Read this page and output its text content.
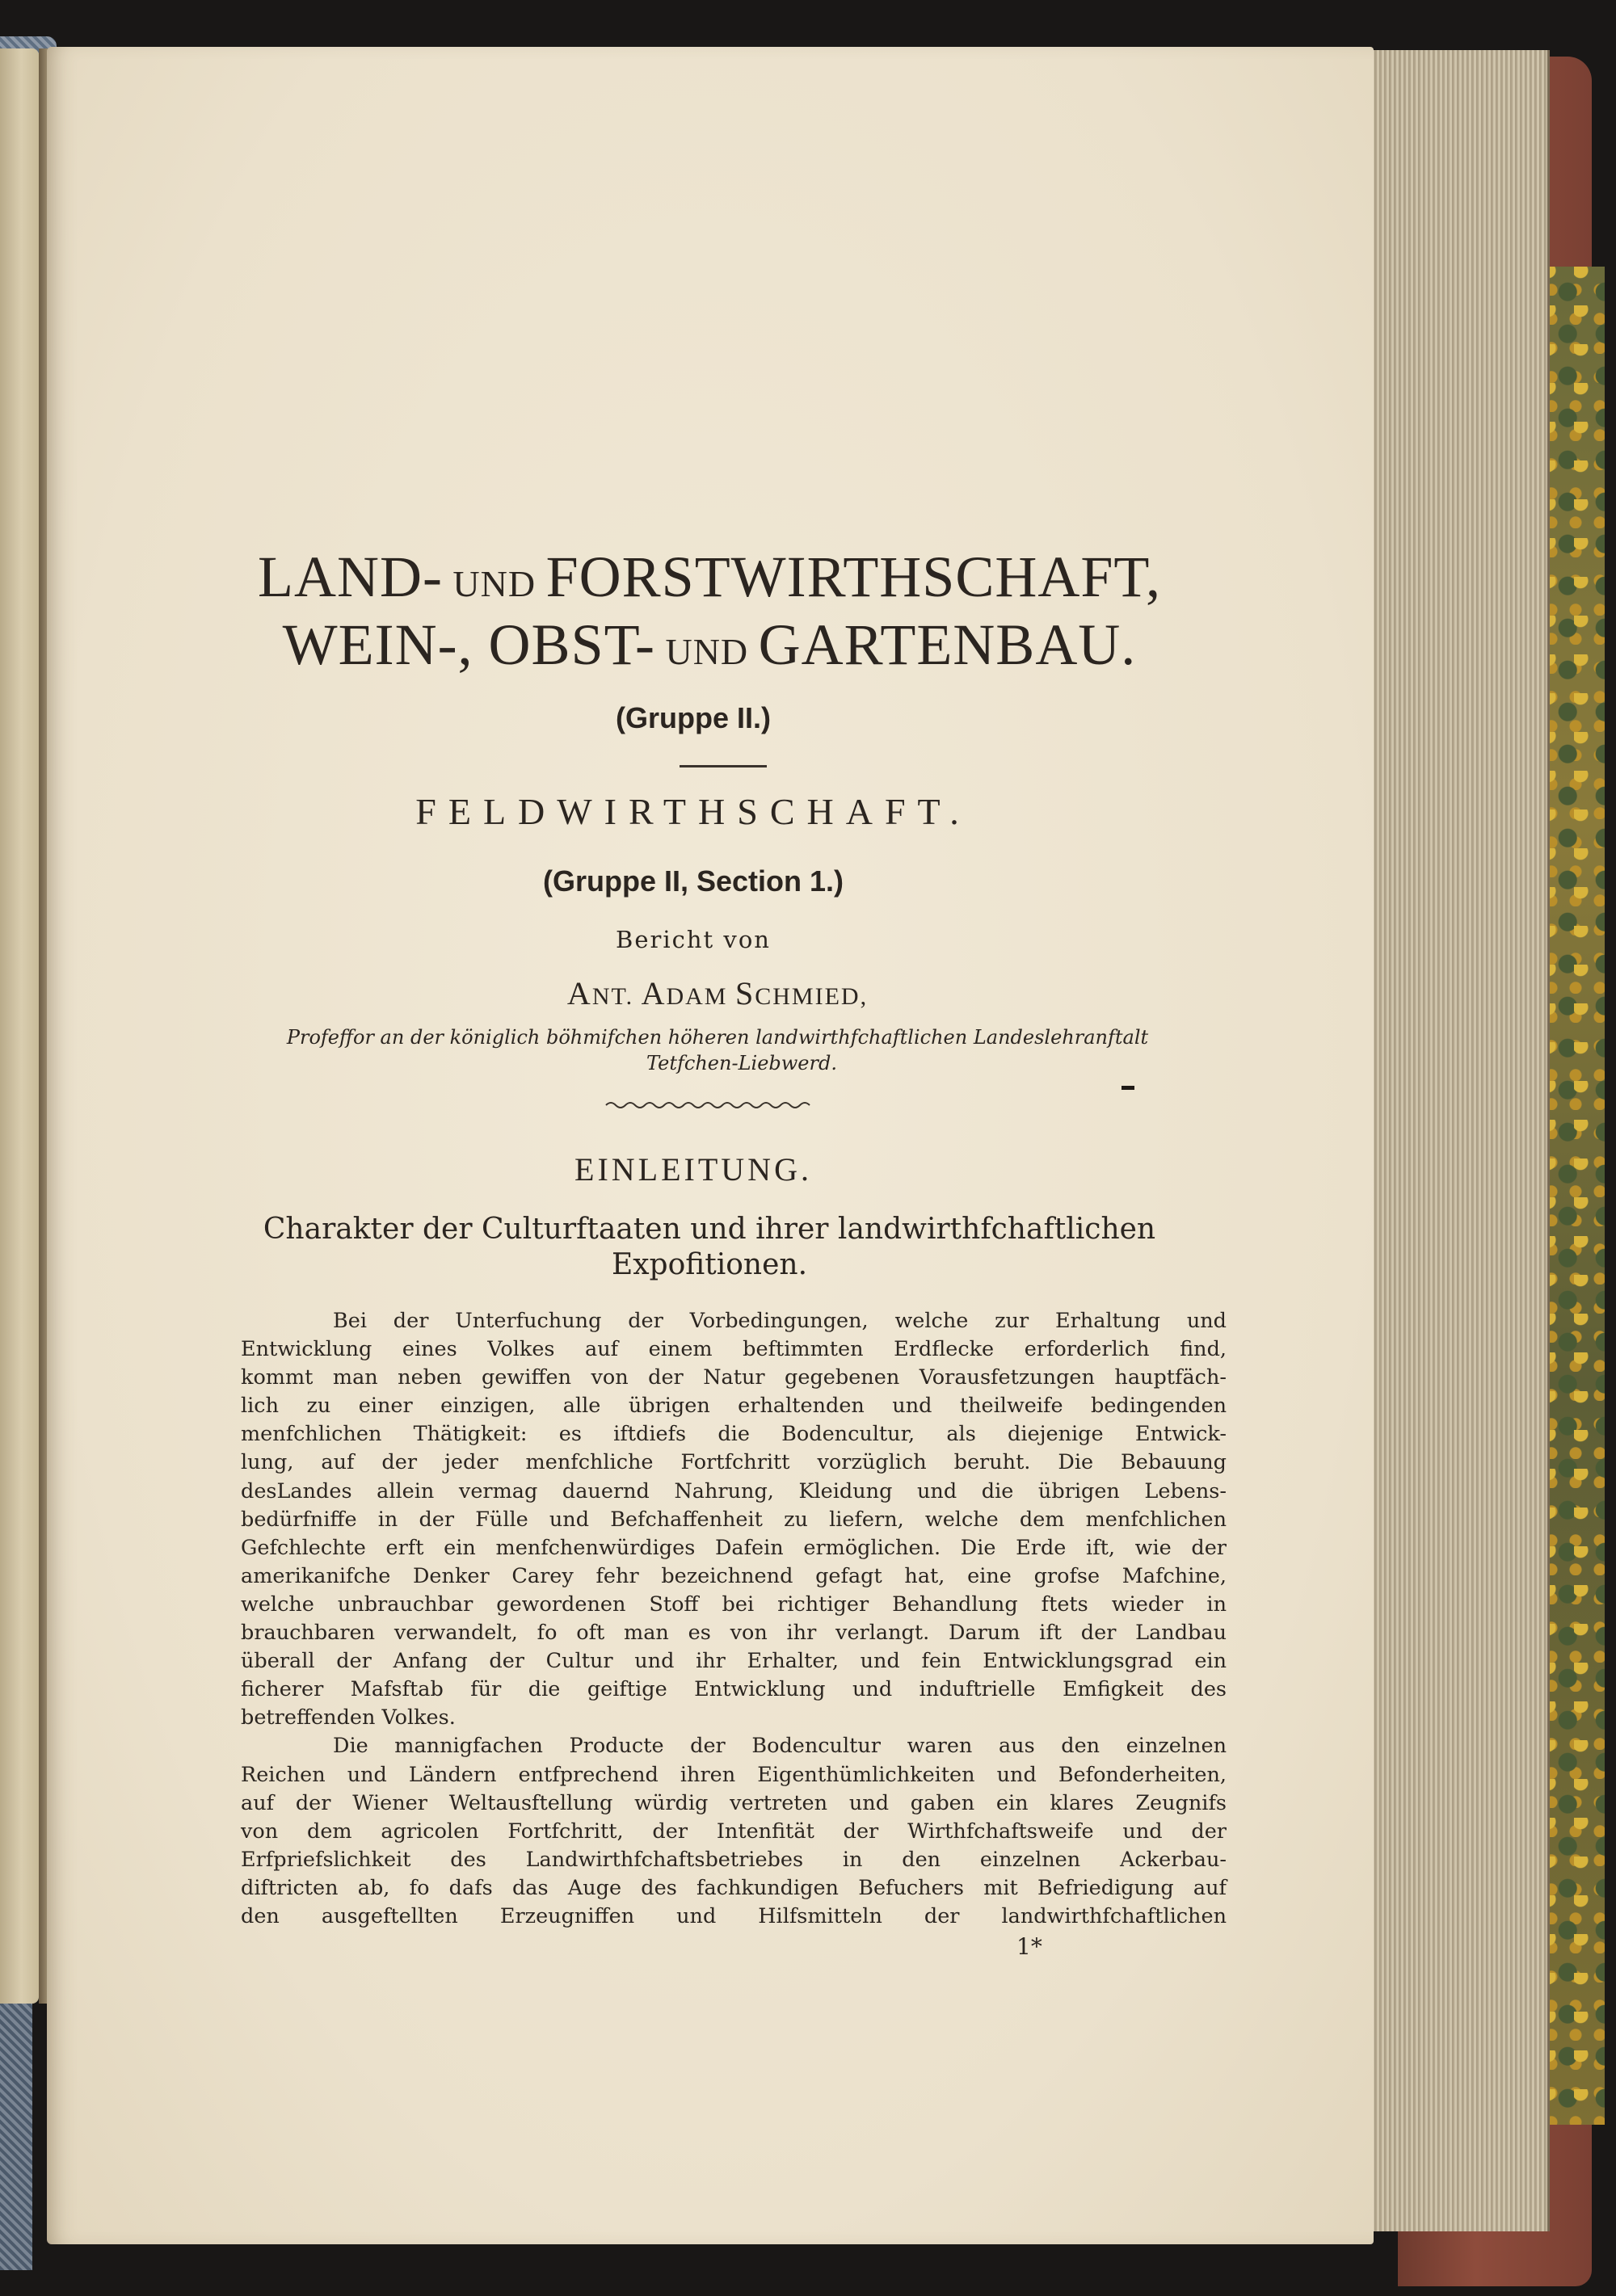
LAND- UND FORSTWIRTHSCHAFT,
WEIN-, OBST- UND GARTENBAU.
(Gruppe II.)
FELDWIRTHSCHAFT.
(Gruppe II, Section 1.)
Bericht von
ANT. ADAM SCHMIED,
Profeffor an der königlich böhmifchen höheren landwirthfchaftlichen Landeslehranftalt
Tetfchen-Liebwerd.
EINLEITUNG.
Charakter der Culturftaaten und ihrer landwirthfchaftlichen
Expofitionen.
Bei der Unterfuchung der Vorbedingungen, welche zur Erhaltung und
Entwicklung eines Volkes auf einem beftimmten Erdflecke erforderlich find,
kommt man neben gewiffen von der Natur gegebenen Vorausfetzungen hauptfäch-
lich zu einer einzigen, alle übrigen erhaltenden und theilweife bedingenden
menfchlichen Thätigkeit: es iftdiefs die Bodencultur, als diejenige Entwick-
lung, auf der jeder menfchliche Fortfchritt vorzüglich beruht. Die Bebauung
desLandes allein vermag dauernd Nahrung, Kleidung und die übrigen Lebens-
bedürfniffe in der Fülle und Befchaffenheit zu liefern, welche dem menfchlichen
Gefchlechte erft ein menfchenwürdiges Dafein ermöglichen. Die Erde ift, wie der
amerikanifche Denker Carey fehr bezeichnend gefagt hat, eine grofse Mafchine,
welche unbrauchbar gewordenen Stoff bei richtiger Behandlung ftets wieder in
brauchbaren verwandelt, fo oft man es von ihr verlangt. Darum ift der Landbau
überall der Anfang der Cultur und ihr Erhalter, und fein Entwicklungsgrad ein
ficherer Mafsftab für die geiftige Entwicklung und induftrielle Emfigkeit des
betreffenden Volkes.
Die mannigfachen Producte der Bodencultur waren aus den einzelnen
Reichen und Ländern entfprechend ihren Eigenthümlichkeiten und Befonderheiten,
auf der Wiener Weltausftellung würdig vertreten und gaben ein klares Zeugnifs
von dem agricolen Fortfchritt, der Intenfität der Wirthfchaftsweife und der
Erfpriefslichkeit des Landwirthfchaftsbetriebes in den einzelnen Ackerbau-
diftricten ab, fo dafs das Auge des fachkundigen Befuchers mit Befriedigung auf
den ausgeftellten Erzeugniffen und Hilfsmitteln der landwirthfchaftlichen
1*
